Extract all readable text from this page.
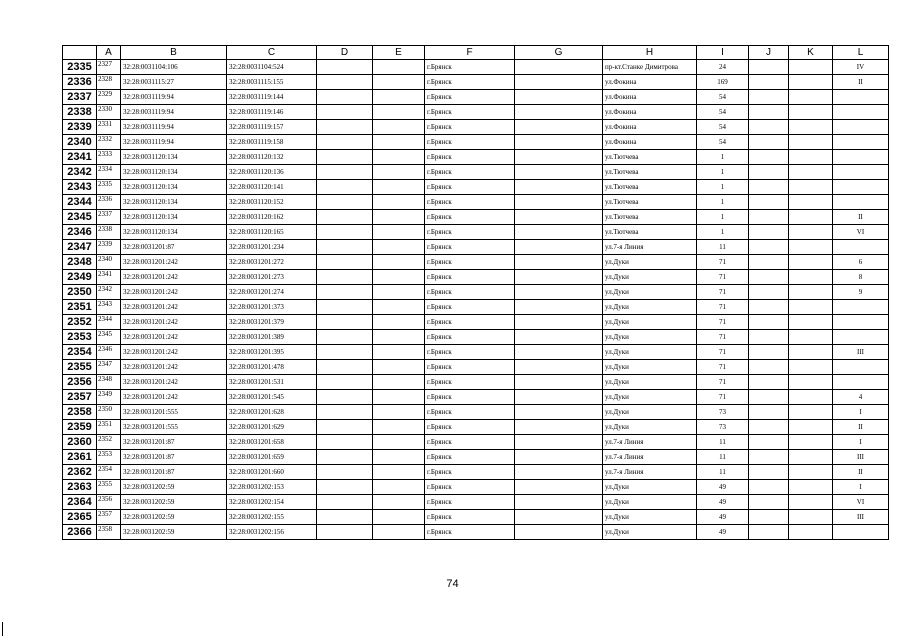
	A	B	C	D	E	F	G	H	I	J	K	L
2335	2327	32:28:0031104:106	32:28:0031104:524			г.Брянск		пр-кт.Станке Димитрова	24			IV
2336	2328	32:28:0031115:27	32:28:0031115:155			г.Брянск		ул.Фокина	169			II
2337	2329	32:28:0031119:94	32:28:0031119:144			г.Брянск		ул.Фокина	54			
2338	2330	32:28:0031119:94	32:28:0031119:146			г.Брянск		ул.Фокина	54			
2339	2331	32:28:0031119:94	32:28:0031119:157			г.Брянск		ул.Фокина	54			
2340	2332	32:28:0031119:94	32:28:0031119:158			г.Брянск		ул.Фокина	54			
2341	2333	32:28:0031120:134	32:28:0031120:132			г.Брянск		ул.Тютчева	1			
2342	2334	32:28:0031120:134	32:28:0031120:136			г.Брянск		ул.Тютчева	1			
2343	2335	32:28:0031120:134	32:28:0031120:141			г.Брянск		ул.Тютчева	1			
2344	2336	32:28:0031120:134	32:28:0031120:152			г.Брянск		ул.Тютчева	1			
2345	2337	32:28:0031120:134	32:28:0031120:162			г.Брянск		ул.Тютчева	1			II
2346	2338	32:28:0031120:134	32:28:0031120:165			г.Брянск		ул.Тютчева	1			VI
2347	2339	32:28:0031201:87	32:28:0031201:234			г.Брянск		ул.7-я Линия	11			
2348	2340	32:28:0031201:242	32:28:0031201:272			г.Брянск		ул.Дуки	71			6
2349	2341	32:28:0031201:242	32:28:0031201:273			г.Брянск		ул.Дуки	71			8
2350	2342	32:28:0031201:242	32:28:0031201:274			г.Брянск		ул.Дуки	71			9
2351	2343	32:28:0031201:242	32:28:0031201:373			г.Брянск		ул.Дуки	71			
2352	2344	32:28:0031201:242	32:28:0031201:379			г.Брянск		ул.Дуки	71			
2353	2345	32:28:0031201:242	32:28:0031201:389			г.Брянск		ул.Дуки	71			
2354	2346	32:28:0031201:242	32:28:0031201:395			г.Брянск		ул.Дуки	71			III
2355	2347	32:28:0031201:242	32:28:0031201:478			г.Брянск		ул.Дуки	71			
2356	2348	32:28:0031201:242	32:28:0031201:531			г.Брянск		ул.Дуки	71			
2357	2349	32:28:0031201:242	32:28:0031201:545			г.Брянск		ул.Дуки	71			4
2358	2350	32:28:0031201:555	32:28:0031201:628			г.Брянск		ул.Дуки	73			I
2359	2351	32:28:0031201:555	32:28:0031201:629			г.Брянск		ул.Дуки	73			II
2360	2352	32:28:0031201:87	32:28:0031201:658			г.Брянск		ул.7-я Линия	11			I
2361	2353	32:28:0031201:87	32:28:0031201:659			г.Брянск		ул.7-я Линия	11			III
2362	2354	32:28:0031201:87	32:28:0031201:660			г.Брянск		ул.7-я Линия	11			II
2363	2355	32:28:0031202:59	32:28:0031202:153			г.Брянск		ул.Дуки	49			I
2364	2356	32:28:0031202:59	32:28:0031202:154			г.Брянск		ул.Дуки	49			VI
2365	2357	32:28:0031202:59	32:28:0031202:155			г.Брянск		ул.Дуки	49			III
2366	2358	32:28:0031202:59	32:28:0031202:156			г.Брянск		ул.Дуки	49			
74
